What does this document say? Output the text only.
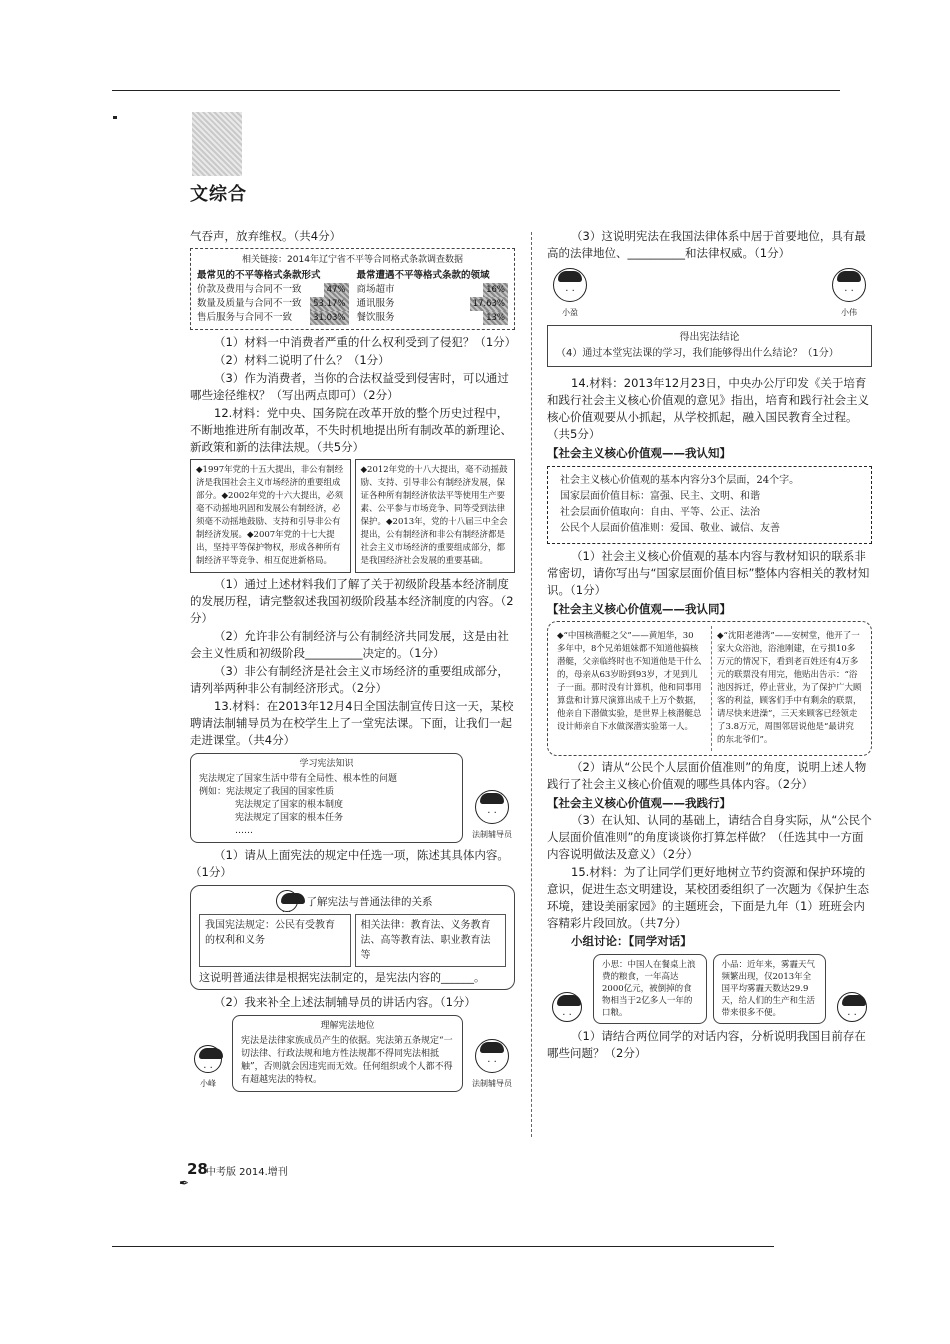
文综合
气吞声，放弃维权。（共4分）
相关链接：2014年辽宁省不平等合同格式条款调查数据
最常见的不平等格式条款形式	最常遭遇不平等格式条款的领域
价款及费用与合同不一致	47%	商场超市	16%
数量及质量与合同不一致	53.17%	通讯服务	17.63%
售后服务与合同不一致	31.03%	餐饮服务	13%
（1）材料一中消费者严重的什么权利受到了侵犯？（1分）
（2）材料二说明了什么？（1分）
（3）作为消费者，当你的合法权益受到侵害时，可以通过哪些途径维权？（写出两点即可）（2分）
12.材料：党中央、国务院在改革开放的整个历史过程中，不断地推进所有制改革，不失时机地提出所有制改革的新理论、新政策和新的法律法规。（共5分）
◆1997年党的十五大提出，非公有制经济是我国社会主义市场经济的重要组成部分。◆2002年党的十六大提出，必须毫不动摇地巩固和发展公有制经济，必须毫不动摇地鼓励、支持和引导非公有制经济发展。◆2007年党的十七大提出，坚持平等保护物权，形成各种所有制经济平等竞争、相互促进新格局。
◆2012年党的十八大提出，毫不动摇鼓励、支持、引导非公有制经济发展，保证各种所有制经济依法平等使用生产要素、公平参与市场竞争、同等受到法律保护。◆2013年，党的十八届三中全会提出，公有制经济和非公有制经济都是社会主义市场经济的重要组成部分，都是我国经济社会发展的重要基础。
（1）通过上述材料我们了解了关于初级阶段基本经济制度的发展历程，请完整叙述我国初级阶段基本经济制度的内容。（2分）
（2）允许非公有制经济与公有制经济共同发展，这是由社会主义性质和初级阶段__________决定的。（1分）
（3）非公有制经济是社会主义市场经济的重要组成部分，请列举两种非公有制经济形式。（2分）
13.材料：在2013年12月4日全国法制宣传日这一天，某校聘请法制辅导员为在校学生上了一堂宪法课。下面，让我们一起走进课堂。（共4分）
学习宪法知识
宪法规定了国家生活中带有全局性、根本性的问题
例如：宪法规定了我国的国家性质
宪法规定了国家的根本制度
宪法规定了国家的根本任务
……
· ·	法制辅导员
（1）请从上面宪法的规定中任选一项，陈述其具体内容。（1分）
· ·
了解宪法与普通法律的关系
我国宪法规定：公民有受教育的权利和义务
相关法律：教育法、义务教育法、高等教育法、职业教育法等
这说明普通法律是根据宪法制定的，是宪法内容的______。
（2）我来补全上述法制辅导员的讲话内容。（1分）
· ·
小峰
理解宪法地位
宪法是法律家族成员产生的依据。宪法第五条规定“一切法律、行政法规和地方性法规都不得同宪法相抵触”，否则就会因违宪而无效。任何组织或个人都不得有超越宪法的特权。
· ·	法制辅导员
（3）这说明宪法在我国法律体系中居于首要地位，具有最高的法律地位、__________和法律权威。（1分）
· ·
小盈
· ·	小伟
得出宪法结论
（4）通过本堂宪法课的学习，我们能够得出什么结论？（1分）
14.材料：2013年12月23日，中央办公厅印发《关于培育和践行社会主义核心价值观的意见》指出，培育和践行社会主义核心价值观要从小抓起，从学校抓起，融入国民教育全过程。（共5分）
【社会主义核心价值观——我认知】
社会主义核心价值观的基本内容分3个层面，24个字。
国家层面价值目标：富强、民主、文明、和谐
社会层面价值取向：自由、平等、公正、法治
公民个人层面价值准则：爱国、敬业、诚信、友善
（1）社会主义核心价值观的基本内容与教材知识的联系非常密切，请你写出与“国家层面价值目标”整体内容相关的教材知识。（1分）
【社会主义核心价值观——我认同】
◆“中国核潜艇之父”——黄旭华，30多年中，8个兄弟姐妹都不知道他搞核潜艇，父亲临终时也不知道他是干什么的，母亲从63岁盼到93岁，才见到儿子一面。那时没有计算机，他和同事用算盘和计算尺演算出成千上万个数据，他亲自下潜做实验，是世界上核潜艇总设计师亲自下水做深潜实验第一人。
◆“沈阳老港湾”——安树堂，他开了一家大众浴池，浴池刚建，在亏损10多万元的情况下，看到老百姓还有4万多元的联票没有用完，他贴出告示：“浴池因拆迁，停止营业，为了保护广大顾客的利益，顾客们手中有剩余的联票，请尽快来进澡”，三天来顾客已经领走了3.8万元，周围邻居说他是“最讲究的东北爷们”。
（2）请从“公民个人层面价值准则”的角度，说明上述人物践行了社会主义核心价值观的哪些具体内容。（2分）
【社会主义核心价值观——我践行】
（3）在认知、认同的基础上，请结合自身实际，从“公民个人层面价值准则”的角度谈谈你打算怎样做？（任选其中一方面内容说明做法及意义）（2分）
15.材料：为了让同学们更好地树立节约资源和保护环境的意识，促进生态文明建设，某校团委组织了一次题为《保护生态环境，建设美丽家园》的主题班会，下面是九年（1）班班会内容精彩片段回放。（共7分）
小组讨论：【同学对话】
· ·
小思：中国人在餐桌上浪费的粮食，一年高达2000亿元，被倒掉的食物相当于2亿多人一年的口粮。
小品：近年来，雾霾天气频繁出现，仅2013年全国平均雾霾天数达29.9天，给人们的生产和生活带来很多不便。
· ·
（1）请结合两位同学的对话内容，分析说明我国目前存在哪些问题？（2分）
28
中考版 2014.增刊
✒
